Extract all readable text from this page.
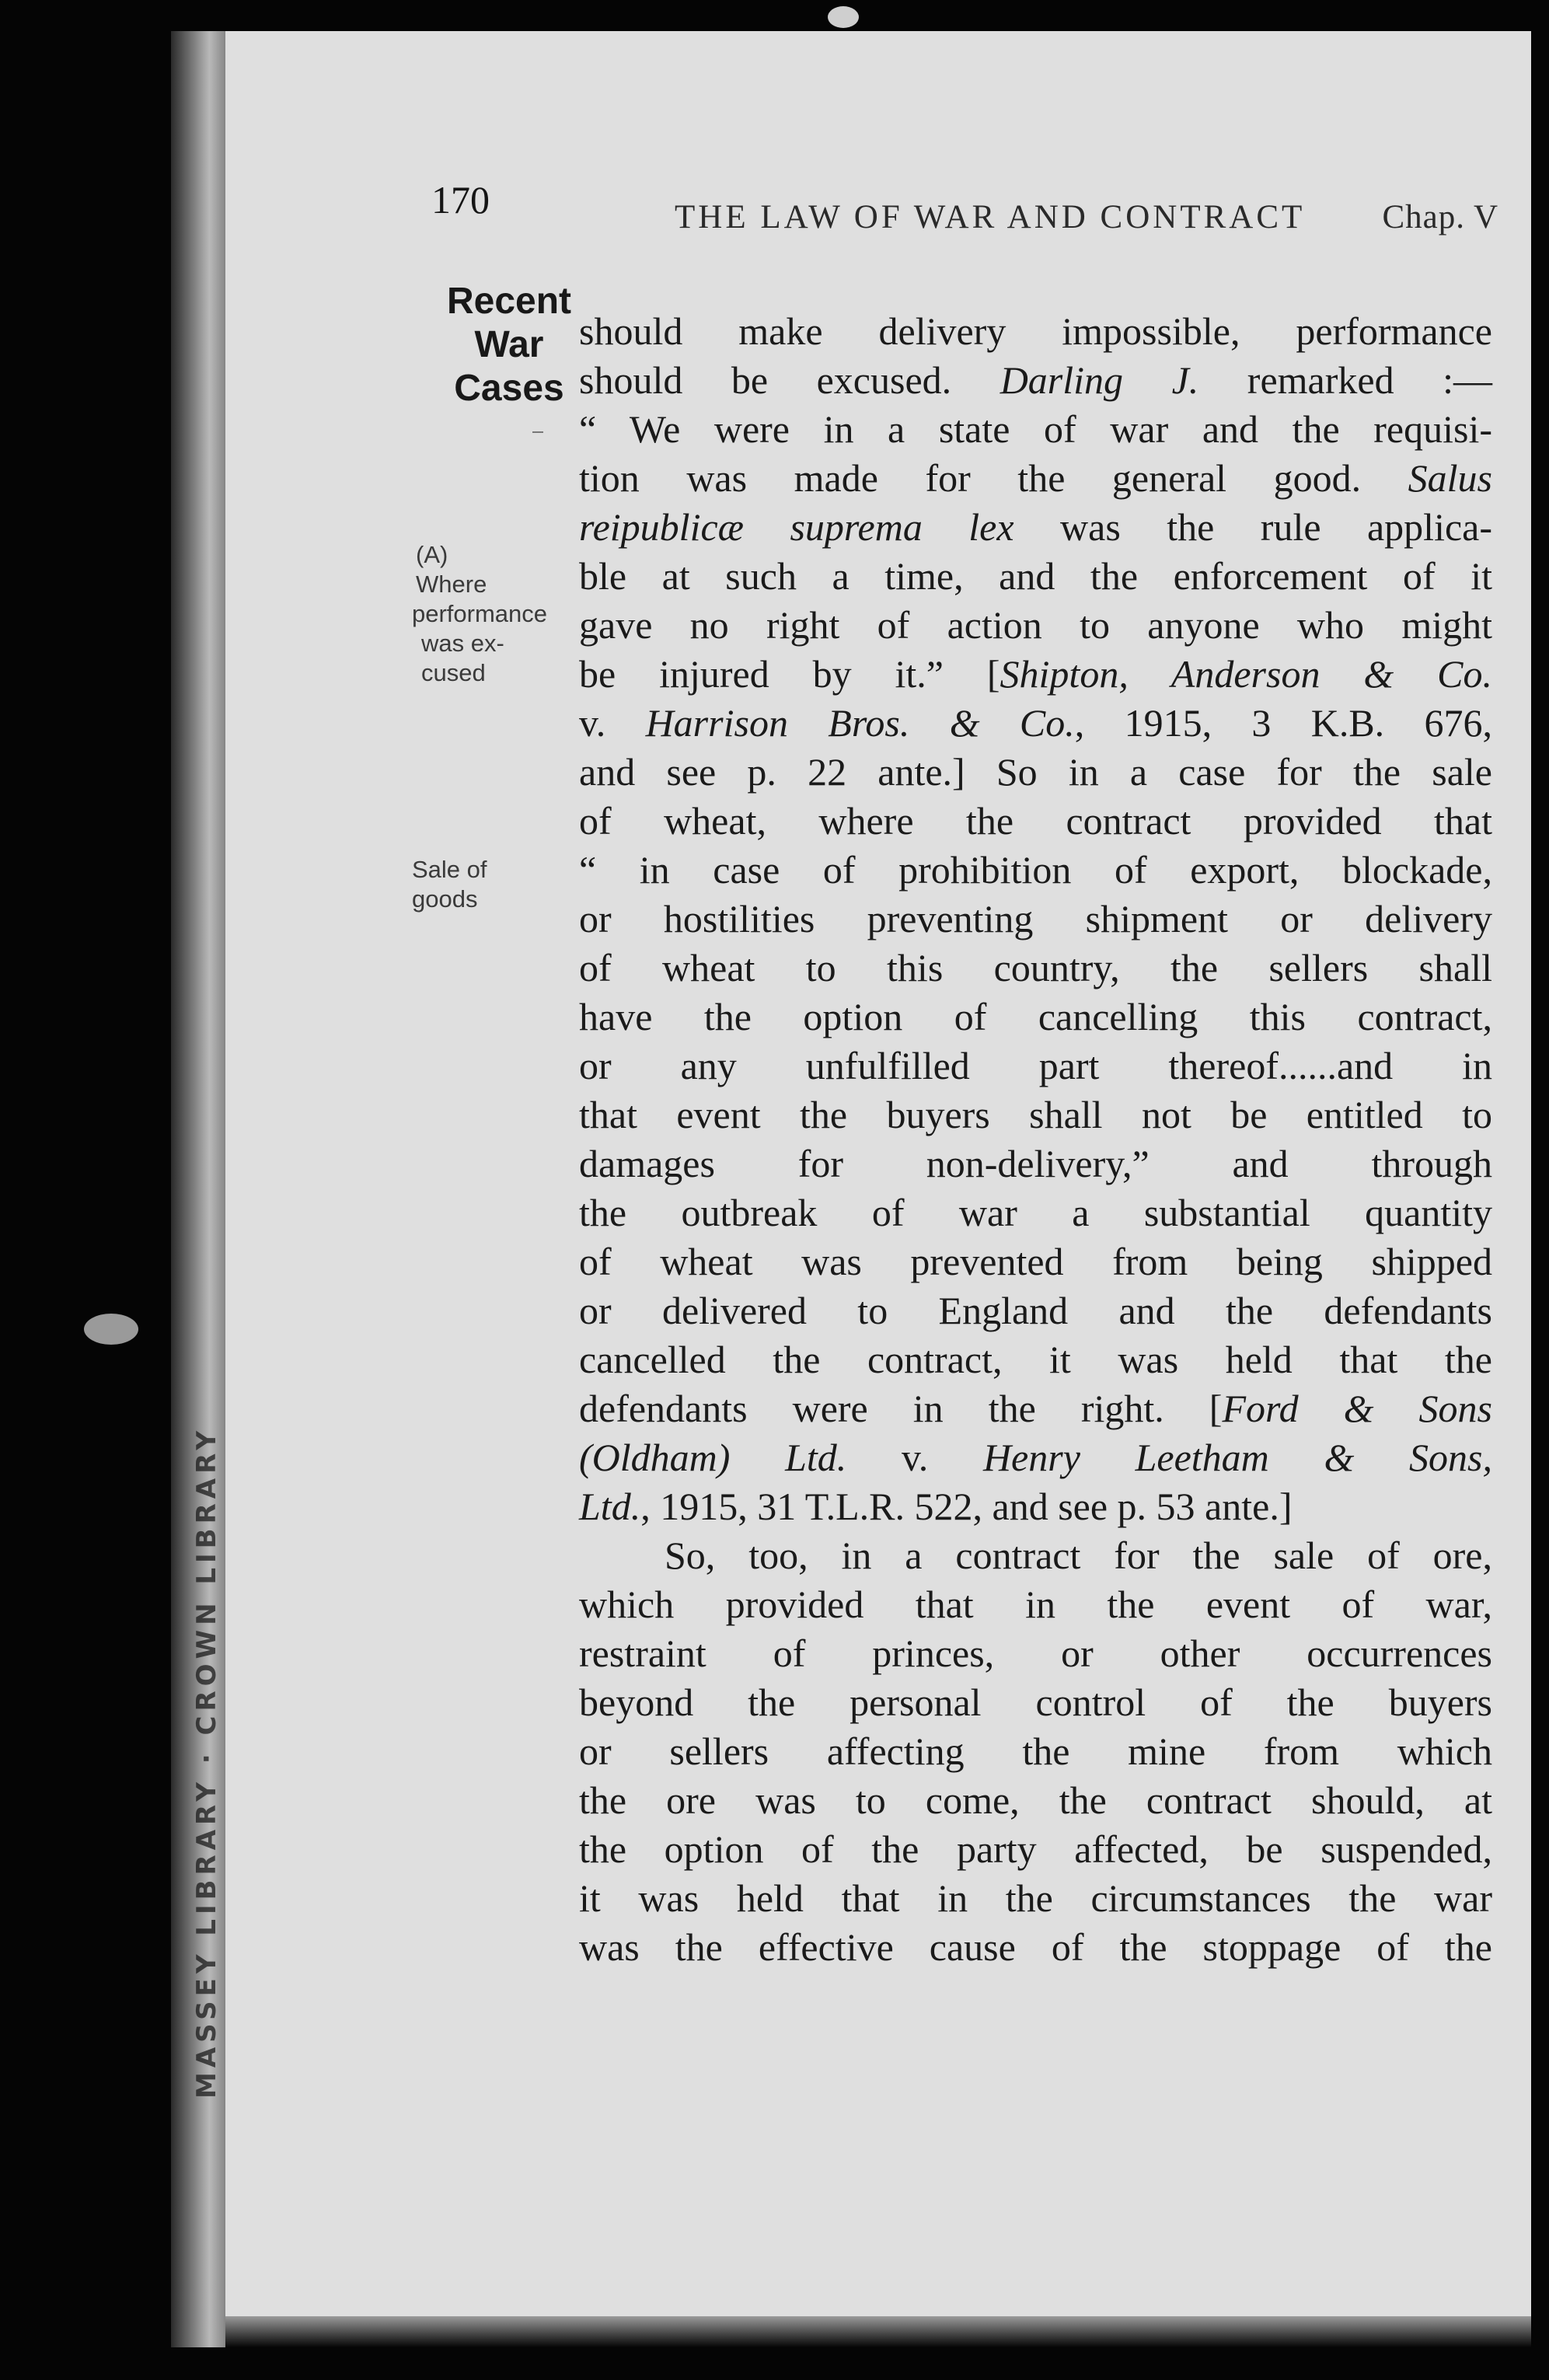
MASSEY LIBRARY · CROWN LIBRARY
170	THE LAW OF WAR AND CONTRACT Chap. V
Recent
War
Cases
(A)
Where
performance
was ex-
cused
Sale of
goods
should make delivery impossible, performance
should be excused. Darling J. remarked :—
“ We were in a state of war and the requisi-
tion was made for the general good. Salus
reipublicæ suprema lex was the rule applica-
ble at such a time, and the enforcement of it
gave no right of action to anyone who might
be injured by it.” [Shipton, Anderson & Co.
v. Harrison Bros. & Co., 1915, 3 K.B. 676,
and see p. 22 ante.] So in a case for the sale
of wheat, where the contract provided that
“ in case of prohibition of export, blockade,
or hostilities preventing shipment or delivery
of wheat to this country, the sellers shall
have the option of cancelling this contract,
or any unfulfilled part thereof......and in
that event the buyers shall not be entitled to
damages for non-delivery,” and through
the outbreak of war a substantial quantity
of wheat was prevented from being shipped
or delivered to England and the defendants
cancelled the contract, it was held that the
defendants were in the right. [Ford & Sons
(Oldham) Ltd. v. Henry Leetham & Sons,
Ltd., 1915, 31 T.L.R. 522, and see p. 53 ante.]
So, too, in a contract for the sale of ore,
which provided that in the event of war,
restraint of princes, or other occurrences
beyond the personal control of the buyers
or sellers affecting the mine from which
the ore was to come, the contract should, at
the option of the party affected, be suspended,
it was held that in the circumstances the war
was the effective cause of the stoppage of the
